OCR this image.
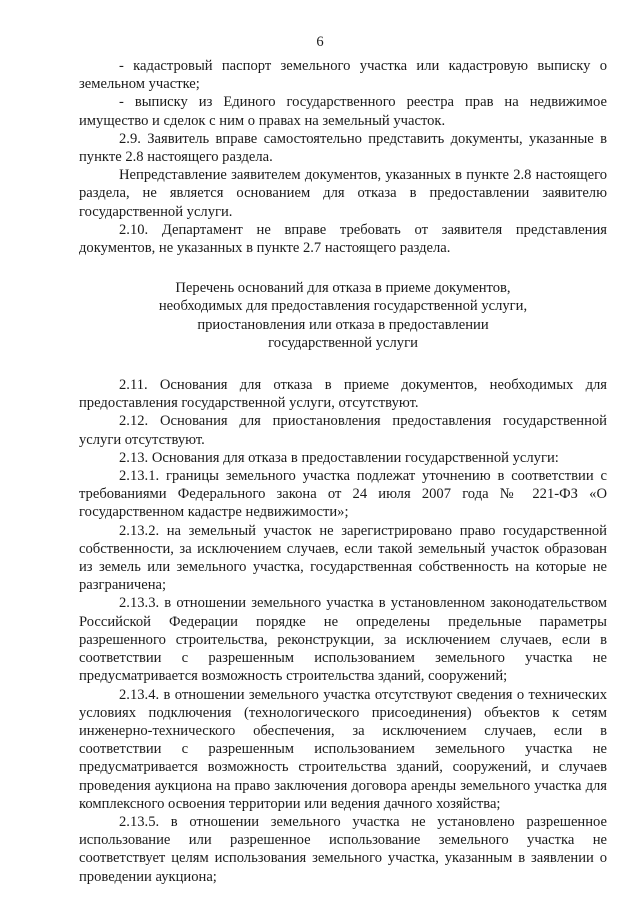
6

- кадастровый паспорт земельного участка или кадастровую выписку о земельном участке;

- выписку из Единого государственного реестра прав на недвижимое имущество и сделок с ним о правах на земельный участок.

2.9. Заявитель вправе самостоятельно представить документы, указанные в пункте 2.8 настоящего раздела.

Непредставление заявителем документов, указанных в пункте 2.8 настоящего раздела, не является основанием для отказа в предоставлении заявителю государственной услуги.

2.10. Департамент не вправе требовать от заявителя представления документов, не указанных в пункте 2.7 настоящего раздела.

Перечень оснований для отказа в приеме документов,
необходимых для предоставления государственной услуги,
приостановления или отказа в предоставлении
государственной услуги

2.11. Основания для отказа в приеме документов, необходимых для предоставления государственной услуги, отсутствуют.

2.12. Основания для приостановления предоставления государственной услуги отсутствуют.

2.13. Основания для отказа в предоставлении государственной услуги:

2.13.1. границы земельного участка подлежат уточнению в соответствии с требованиями Федерального закона от 24 июля 2007 года № 221-ФЗ «О государственном кадастре недвижимости»;

2.13.2. на земельный участок не зарегистрировано право государственной собственности, за исключением случаев, если такой земельный участок образован из земель или земельного участка, государственная собственность на которые не разграничена;

2.13.3. в отношении земельного участка в установленном законодательством Российской Федерации порядке не определены предельные параметры разрешенного строительства, реконструкции, за исключением случаев, если в соответствии с разрешенным использованием земельного участка не предусматривается возможность строительства зданий, сооружений;

2.13.4. в отношении земельного участка отсутствуют сведения о технических условиях подключения (технологического присоединения) объектов к сетям инженерно-технического обеспечения, за исключением случаев, если в соответствии с разрешенным использованием земельного участка не предусматривается возможность строительства зданий, сооружений, и случаев проведения аукциона на право заключения договора аренды земельного участка для комплексного освоения территории или ведения дачного хозяйства;

2.13.5. в отношении земельного участка не установлено разрешенное использование или разрешенное использование земельного участка не соответствует целям использования земельного участка, указанным в заявлении о проведении аукциона;
